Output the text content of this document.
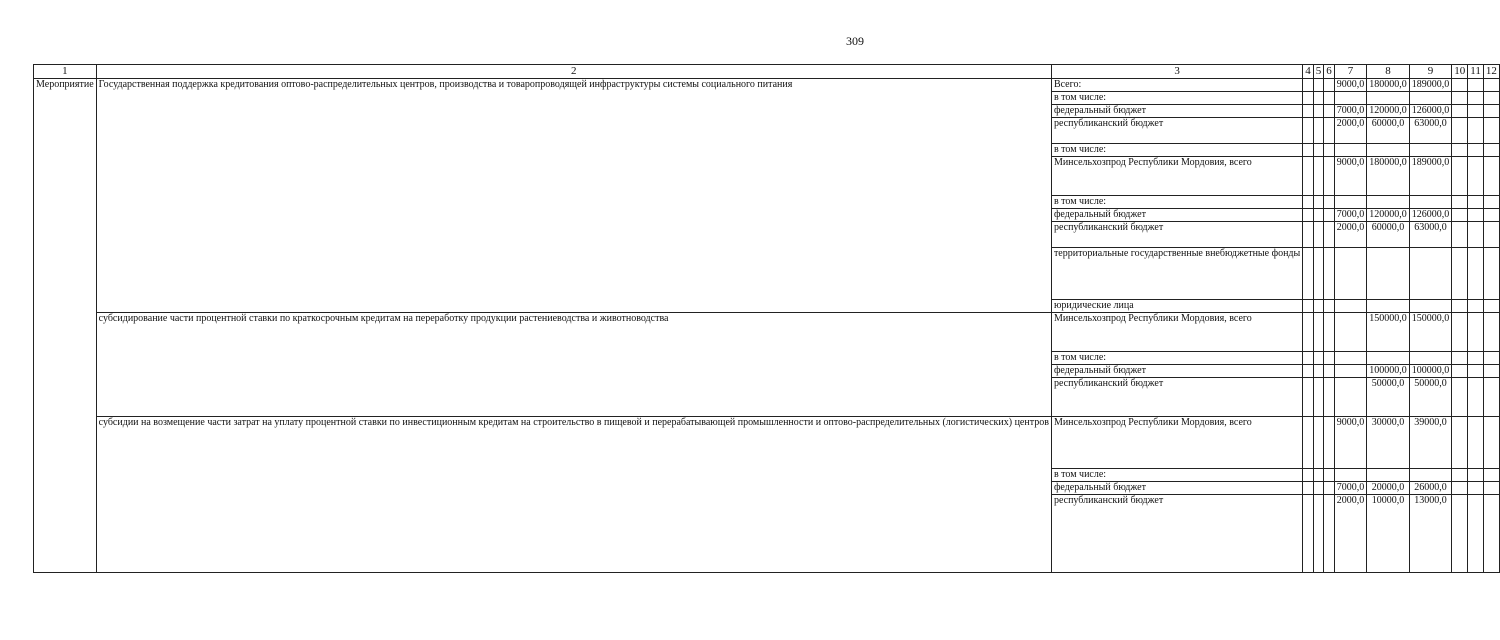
309
1	2	3	4	5	6	7	8	9	10	11	12
Мероприятие	Государственная поддержка кредитования оптово-распределительных центров, производства и товаропроводящей инфраструктуры системы социального питания	Всего:				9000,0	180000,0	189000,0			
		в том числе:									
		федеральный бюджет				7000,0	120000,0	126000,0			
		республиканский бюджет				2000,0	60000,0	63000,0			
		в том числе:									
		Минсельхозпрод Республики Мордовия, всего				9000,0	180000,0	189000,0			
		в том числе:									
		федеральный бюджет				7000,0	120000,0	126000,0			
		республиканский бюджет				2000,0	60000,0	63000,0			
		территориальные государственные внебюджетные фонды									
		юридические лица									
	субсидирование части процентной ставки по краткосрочным кредитам на переработку продукции растениеводства и животноводства	Минсельхозпрод Республики Мордовия, всего					150000,0	150000,0			
		в том числе:									
		федеральный бюджет					100000,0	100000,0			
		республиканский бюджет					50000,0	50000,0			
	субсидии на возмещение части затрат на уплату процентной ставки по инвестиционным кредитам на строительство в пищевой и перерабатывающей промышленности и оптово-распределительных (логистических) центров	Минсельхозпрод Республики Мордовия, всего				9000,0	30000,0	39000,0			
		в том числе:									
		федеральный бюджет				7000,0	20000,0	26000,0			
		республиканский бюджет				2000,0	10000,0	13000,0			
